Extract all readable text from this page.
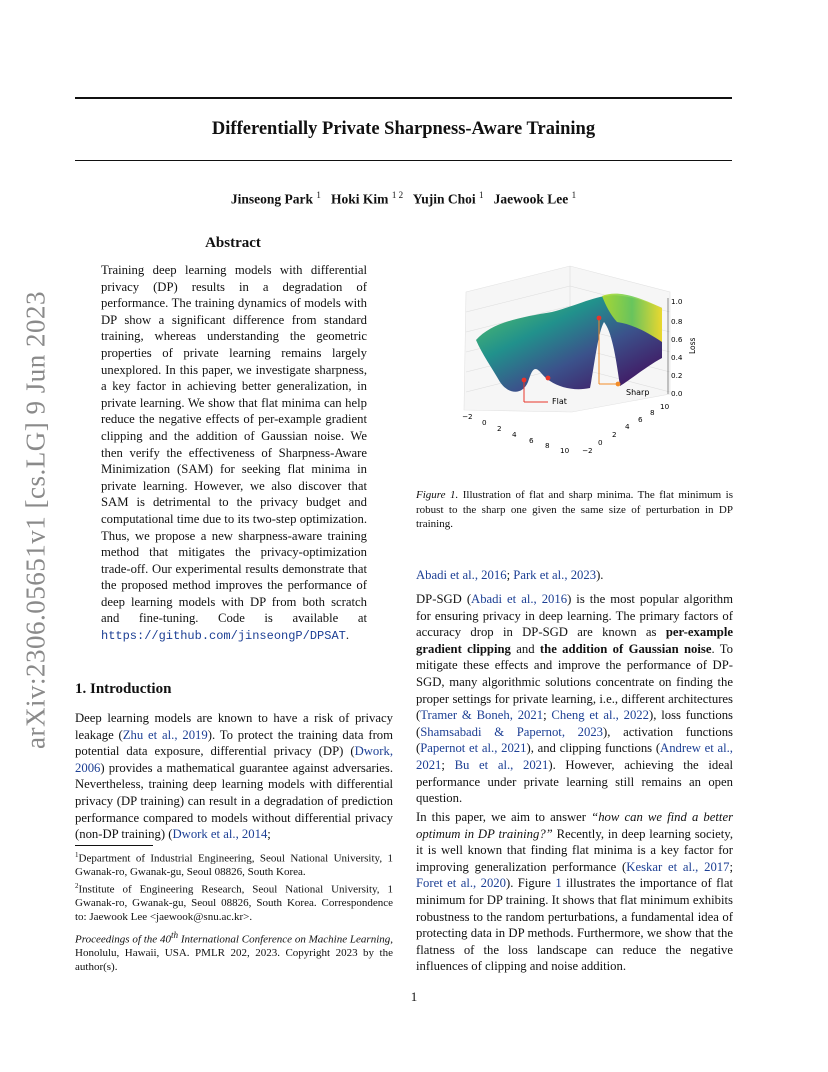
Differentially Private Sharpness-Aware Training
Jinseong Park $^1$ Hoki Kim $^{1 2}$ Yujin Choi $^1$ Jaewook Lee $^1$
arXiv:2306.05651v1 [cs.LG] 9 Jun 2023
Abstract
Training deep learning models with differential privacy (DP) results in a degradation of performance. The training dynamics of models with DP show a significant difference from standard training, whereas understanding the geometric properties of private learning remains largely unexplored. In this paper, we investigate sharpness, a key factor in achieving better generalization, in private learning. We show that flat minima can help reduce the negative effects of per-example gradient clipping and the addition of Gaussian noise. We then verify the effectiveness of Sharpness-Aware Minimization (SAM) for seeking flat minima in private learning. However, we also discover that SAM is detrimental to the privacy budget and computational time due to its two-step optimization. Thus, we propose a new sharpness-aware training method that mitigates the privacy-optimization trade-off. Our experimental results demonstrate that the proposed method improves the performance of deep learning models with DP from both scratch and fine-tuning. Code is available at https://github.com/jinseongP/DPSAT.
1. Introduction
Deep learning models are known to have a risk of privacy leakage (Zhu et al., 2019). To protect the training data from potential data exposure, differential privacy (DP) (Dwork, 2006) provides a mathematical guarantee against adversaries. Nevertheless, training deep learning models with differential privacy (DP training) can result in a degradation of prediction performance compared to models without differential privacy (non-DP training) (Dwork et al., 2014;
$^1$Department of Industrial Engineering, Seoul National University, 1 Gwanak-ro, Gwanak-gu, Seoul 08826, South Korea.
$^2$Institute of Engineering Research, Seoul National University, 1 Gwanak-ro, Gwanak-gu, Seoul 08826, South Korea. Correspondence to: Jaewook Lee <jaewook@snu.ac.kr>.
Proceedings of the 40th International Conference on Machine Learning, Honolulu, Hawaii, USA. PMLR 202, 2023. Copyright 2023 by the author(s).
Flat
Sharp
1.0
0.8
0.6
0.4
0.2
0.0
Loss
−2
0
2
4
6
8
10 −2
0
2
4
6
8
10
Figure 1. Illustration of flat and sharp minima. The flat minimum is robust to the sharp one given the same size of perturbation in DP training.
Abadi et al., 2016; Park et al., 2023).
DP-SGD (Abadi et al., 2016) is the most popular algorithm for ensuring privacy in deep learning. The primary factors of accuracy drop in DP-SGD are known as per-example gradient clipping and the addition of Gaussian noise. To mitigate these effects and improve the performance of DP-SGD, many algorithmic solutions concentrate on finding the proper settings for private learning, i.e., different architectures (Tramer & Boneh, 2021; Cheng et al., 2022), loss functions (Shamsabadi & Papernot, 2023), activation functions (Papernot et al., 2021), and clipping functions (Andrew et al., 2021; Bu et al., 2021). However, achieving the ideal performance under private learning still remains an open question.
In this paper, we aim to answer “how can we find a better optimum in DP training?” Recently, in deep learning society, it is well known that finding flat minima is a key factor for improving generalization performance (Keskar et al., 2017; Foret et al., 2020). Figure 1 illustrates the importance of flat minimum for DP training. It shows that flat minimum exhibits robustness to the random perturbations, a fundamental idea of protecting data in DP methods. Furthermore, we show that the flatness of the loss landscape can reduce the negative influences of clipping and noise addition.
1
